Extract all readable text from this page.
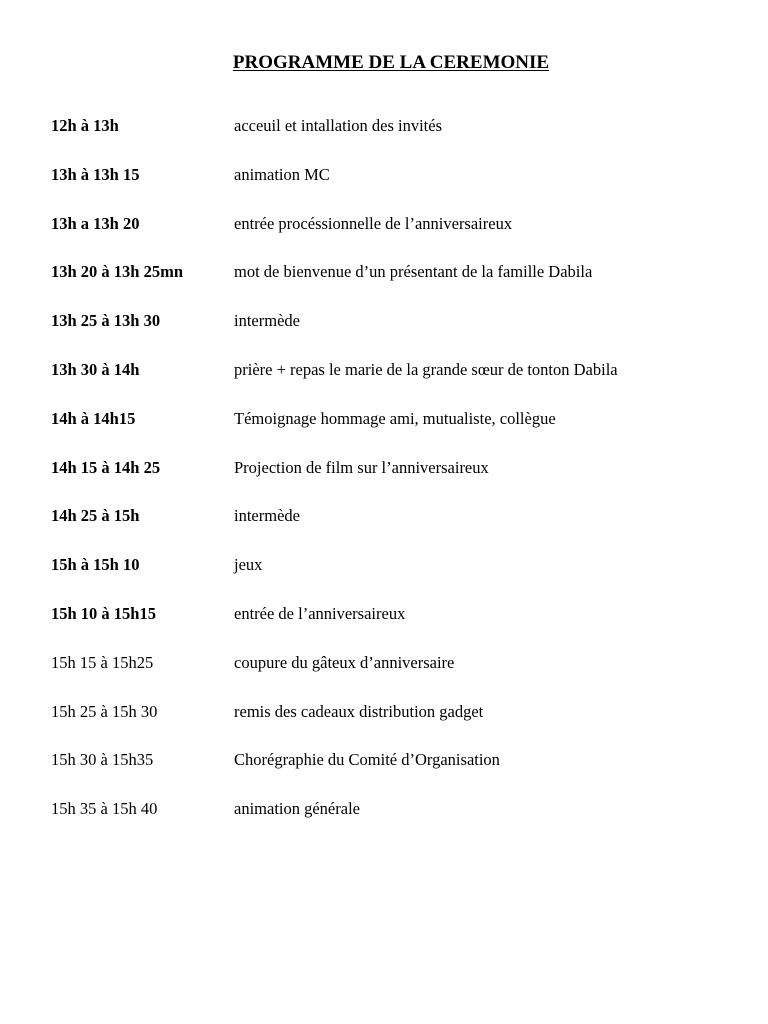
PROGRAMME DE LA CEREMONIE
12h à 13h	acceuil et intallation des invités
13h à 13h 15	animation MC
13h a 13h 20	entrée procéssionnelle de l’anniversaireux
13h 20 à 13h 25mn	mot de bienvenue d’un présentant de la famille Dabila
13h 25 à 13h 30	intermède
13h 30 à 14h	prière + repas le marie de la grande sœur de tonton Dabila
14h à 14h15	Témoignage hommage ami, mutualiste, collègue
14h 15 à 14h 25	Projection de film sur l’anniversaireux
14h 25 à 15h	intermède
15h à 15h 10	jeux
15h 10 à 15h15	entrée de l’anniversaireux
15h 15 à 15h25	coupure du gâteux d’anniversaire
15h 25 à 15h 30	remis des cadeaux distribution gadget
15h 30 à 15h35	Chorégraphie du Comité d’Organisation
15h 35 à 15h 40	animation générale
